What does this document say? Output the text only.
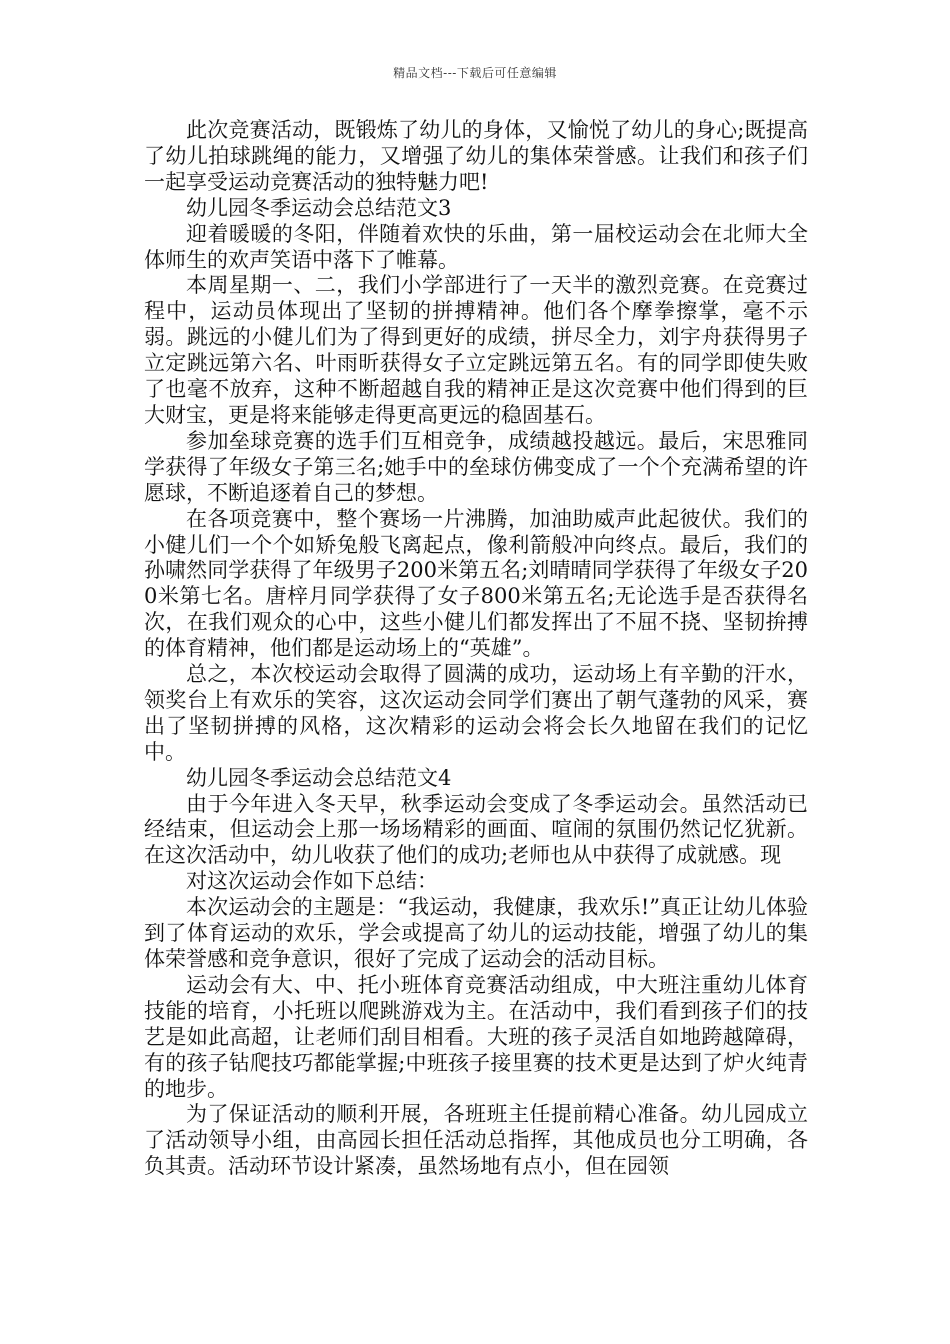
精品文档---下载后可任意编辑

此次竞赛活动，既锻炼了幼儿的身体，又愉悦了幼儿的身心;既提高了幼儿拍球跳绳的能力，又增强了幼儿的集体荣誉感。让我们和孩子们一起享受运动竞赛活动的独特魅力吧!

幼儿园冬季运动会总结范文3

迎着暖暖的冬阳，伴随着欢快的乐曲，第一届校运动会在北师大全体师生的欢声笑语中落下了帷幕。

本周星期一、二，我们小学部进行了一天半的激烈竞赛。在竞赛过程中，运动员体现出了坚韧的拼搏精神。他们各个摩拳擦掌，毫不示弱。跳远的小健儿们为了得到更好的成绩，拼尽全力，刘宇舟获得男子立定跳远第六名、叶雨昕获得女子立定跳远第五名。有的同学即使失败了也毫不放弃，这种不断超越自我的精神正是这次竞赛中他们得到的巨大财宝，更是将来能够走得更高更远的稳固基石。

参加垒球竞赛的选手们互相竞争，成绩越投越远。最后，宋思雅同学获得了年级女子第三名;她手中的垒球仿佛变成了一个个充满希望的许愿球，不断追逐着自己的梦想。

在各项竞赛中，整个赛场一片沸腾，加油助威声此起彼伏。我们的小健儿们一个个如矫兔般飞离起点，像利箭般冲向终点。最后，我们的孙啸然同学获得了年级男子200米第五名;刘晴晴同学获得了年级女子200米第七名。唐梓月同学获得了女子800米第五名;无论选手是否获得名次，在我们观众的心中，这些小健儿们都发挥出了不屈不挠、坚韧拚搏的体育精神，他们都是运动场上的“英雄”。

总之，本次校运动会取得了圆满的成功，运动场上有辛勤的汗水，领奖台上有欢乐的笑容，这次运动会同学们赛出了朝气蓬勃的风采，赛出了坚韧拼搏的风格，这次精彩的运动会将会长久地留在我们的记忆中。

幼儿园冬季运动会总结范文4

由于今年进入冬天早，秋季运动会变成了冬季运动会。虽然活动已经结束，但运动会上那一场场精彩的画面、喧闹的氛围仍然记忆犹新。在这次活动中，幼儿收获了他们的成功;老师也从中获得了成就感。现

对这次运动会作如下总结：

本次运动会的主题是：“我运动，我健康，我欢乐!”真正让幼儿体验到了体育运动的欢乐，学会或提高了幼儿的运动技能，增强了幼儿的集体荣誉感和竞争意识，很好了完成了运动会的活动目标。

运动会有大、中、托小班体育竞赛活动组成，中大班注重幼儿体育技能的培育，小托班以爬跳游戏为主。在活动中，我们看到孩子们的技艺是如此高超，让老师们刮目相看。大班的孩子灵活自如地跨越障碍，有的孩子钻爬技巧都能掌握;中班孩子接里赛的技术更是达到了炉火纯青的地步。

为了保证活动的顺利开展，各班班主任提前精心准备。幼儿园成立了活动领导小组，由高园长担任活动总指挥，其他成员也分工明确，各负其责。活动环节设计紧凑，虽然场地有点小，但在园领
